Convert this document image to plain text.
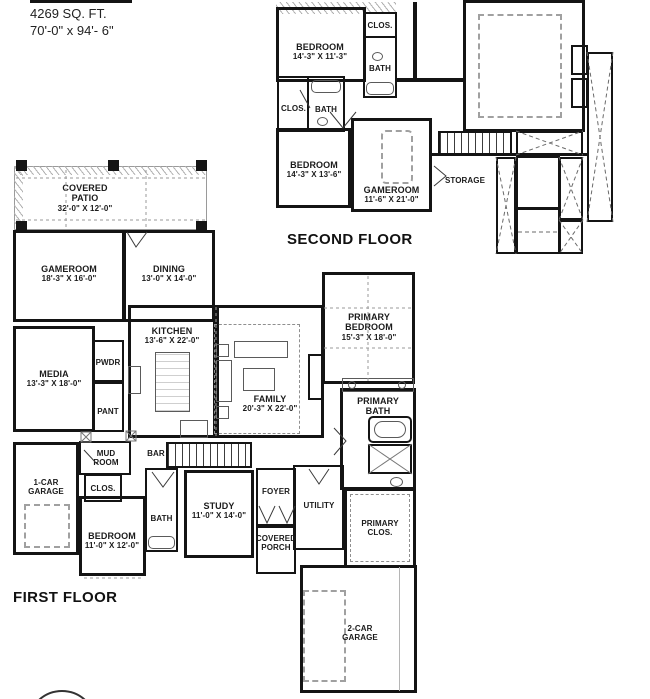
4269 SQ. FT.
70'-0" x 94'- 6"
BEDROOM
14'-3" X 11'-3"
CLOS.
BATH
CLOS.	BATH
BEDROOM
14'-3" X 13'-6"
GAMEROOM
11'-6" X 21'-0"
STORAGE
SECOND FLOOR
COVERED PATIO
32'-0" X 12'-0"
GAMEROOM
18'-3" X 16'-0"
DINING
13'-0" X 14'-0"
MEDIA
13'-3" X 18'-0"
PWDR
PANT
KITCHEN
13'-6" X 22'-0"
FAMILY
20'-3" X 22'-0"
PRIMARY BEDROOM
15'-3" X 18'-0"
PRIMARY BATH
MUD ROOM
BAR
1-CAR GARAGE	CLOS.
BEDROOM
11'-0" X 12'-0"
BATH
STUDY
11'-0" X 14'-0"
FOYER
COVERED PORCH
UTILITY
PRIMARY CLOS.
2-CAR GARAGE
FIRST FLOOR
